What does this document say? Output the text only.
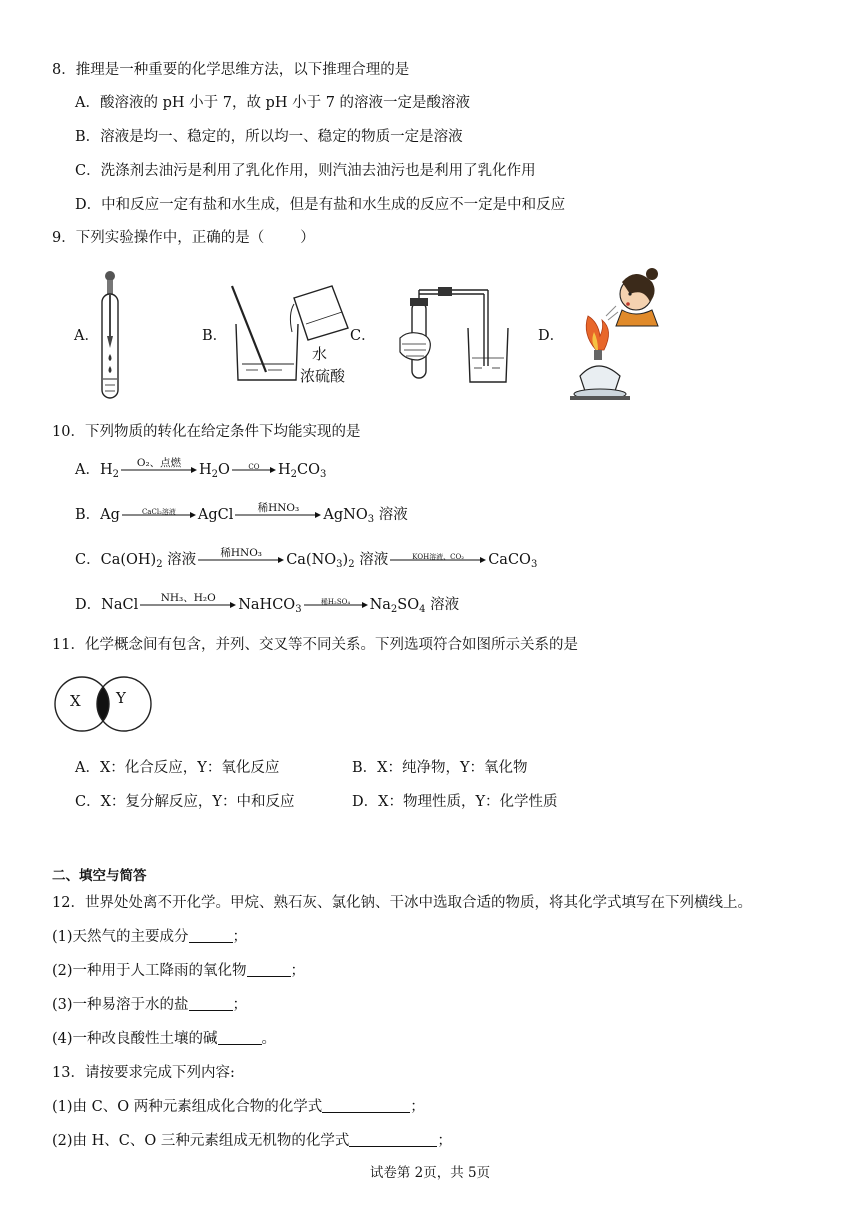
8．推理是一种重要的化学思维方法，以下推理合理的是
A．酸溶液的 pH 小于 7，故 pH 小于 7 的溶液一定是酸溶液
B．溶液是均一、稳定的，所以均一、稳定的物质一定是溶液
C．洗涤剂去油污是利用了乳化作用，则汽油去油污也是利用了乳化作用
D．中和反应一定有盐和水生成，但是有盐和水生成的反应不一定是中和反应
9．下列实验操作中，正确的是（ ）
A．	B．
水
浓硫酸
C．	D．
10．下列物质的转化在给定条件下均能实现的是
A．$H_2$
O₂、点燃	$H_2O$	CO	$H_2CO_3$
B．Ag	CaCl₂溶液	AgCl	稀HNO₃	AgNO$_3$ 溶液
C．$Ca(OH)_2$ 溶液	稀HNO₃	$Ca(NO_3)_2$ 溶液	KOH溶液、CO₂	CaCO$_3$
D．NaCl	NH₃、H₂O	NaHCO$_3$
稀H₂SO₄	$Na_2SO_4$ 溶液
11．化学概念间有包含，并列、交叉等不同关系。下列选项符合如图所示关系的是
X Y
A．X：化合反应，Y：氧化反应	B．X：纯净物，Y：氧化物
C．X：复分解反应，Y：中和反应	D．X：物理性质，Y：化学性质
二、填空与简答
12．世界处处离不开化学。甲烷、熟石灰、氯化钠、干冰中选取合适的物质，将其化学式填写在下列横线上。
(1)天然气的主要成分	；
(2)一种用于人工降雨的氧化物	；
(3)一种易溶于水的盐	；
(4)一种改良酸性土壤的碱	。
13．请按要求完成下列内容:
(1)由 C、O 两种元素组成化合物的化学式	；
(2)由 H、C、O 三种元素组成无机物的化学式	；
试卷第 2页，共 5页
